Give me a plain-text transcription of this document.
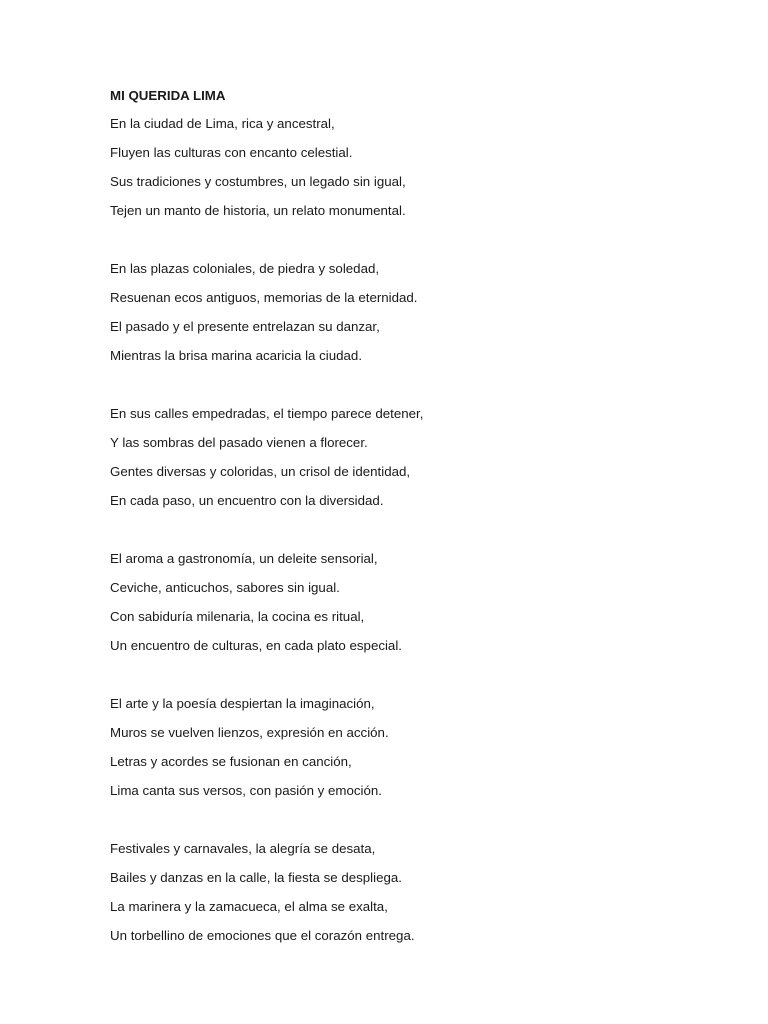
MI QUERIDA LIMA
En la ciudad de Lima, rica y ancestral,
Fluyen las culturas con encanto celestial.
Sus tradiciones y costumbres, un legado sin igual,
Tejen un manto de historia, un relato monumental.
En las plazas coloniales, de piedra y soledad,
Resuenan ecos antiguos, memorias de la eternidad.
El pasado y el presente entrelazan su danzar,
Mientras la brisa marina acaricia la ciudad.
En sus calles empedradas, el tiempo parece detener,
Y las sombras del pasado vienen a florecer.
Gentes diversas y coloridas, un crisol de identidad,
En cada paso, un encuentro con la diversidad.
El aroma a gastronomía, un deleite sensorial,
Ceviche, anticuchos, sabores sin igual.
Con sabiduría milenaria, la cocina es ritual,
Un encuentro de culturas, en cada plato especial.
El arte y la poesía despiertan la imaginación,
Muros se vuelven lienzos, expresión en acción.
Letras y acordes se fusionan en canción,
Lima canta sus versos, con pasión y emoción.
Festivales y carnavales, la alegría se desata,
Bailes y danzas en la calle, la fiesta se despliega.
La marinera y la zamacueca, el alma se exalta,
Un torbellino de emociones que el corazón entrega.
